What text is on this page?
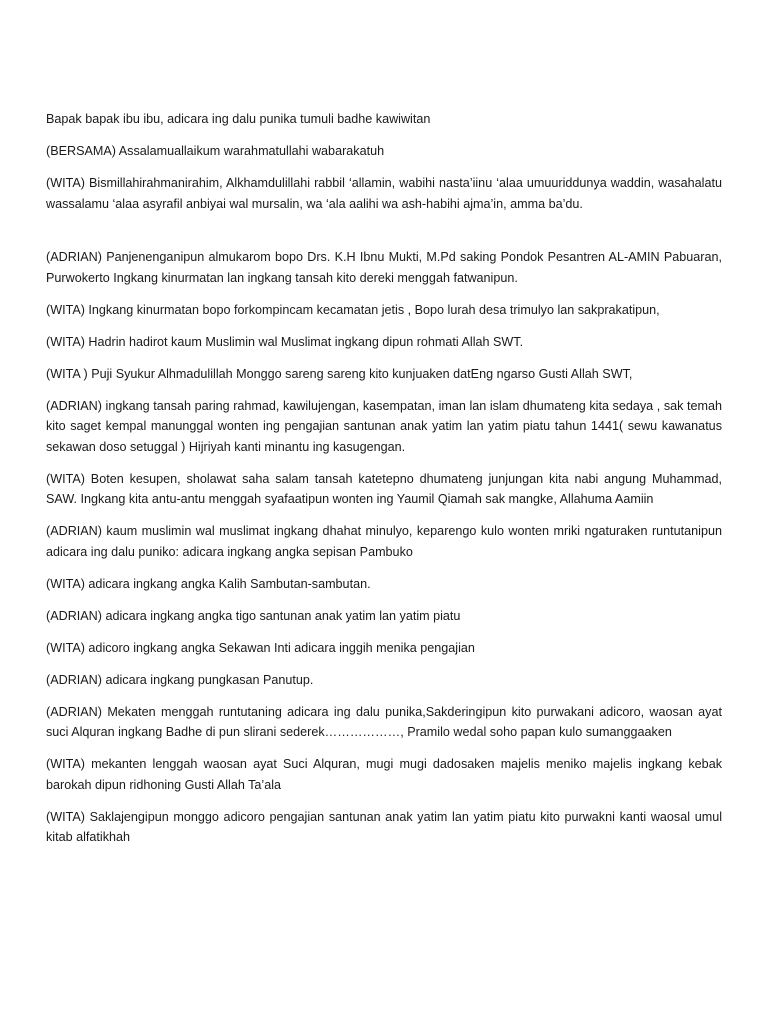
Bapak bapak ibu ibu, adicara ing dalu punika tumuli badhe kawiwitan

(BERSAMA) Assalamuallaikum warahmatullahi wabarakatuh

(WITA) Bismillahirahmanirahim, Alkhamdulillahi rabbil ‘allamin, wabihi nasta’iinu ‘alaa umuuriddunya waddin, wasahalatu wassalamu ‘alaa asyrafil anbiyai wal mursalin, wa ‘ala aalihi wa ash-habihi ajma’in, amma ba’du.

(ADRIAN) Panjenenganipun almukarom bopo Drs. K.H Ibnu Mukti, M.Pd saking Pondok Pesantren AL-AMIN Pabuaran, Purwokerto Ingkang kinurmatan lan ingkang tansah kito dereki menggah fatwanipun.

(WITA) Ingkang kinurmatan bopo forkompincam kecamatan jetis , Bopo lurah desa trimulyo lan sakprakatipun,

(WITA) Hadrin hadirot kaum Muslimin wal Muslimat ingkang dipun rohmati Allah SWT.

(WITA ) Puji Syukur Alhmadulillah Monggo sareng sareng kito kunjuaken datEng ngarso Gusti Allah SWT,

(ADRIAN) ingkang tansah paring rahmad, kawilujengan, kasempatan, iman lan islam dhumateng kita sedaya , sak temah kito saget kempal manunggal wonten ing pengajian santunan anak yatim lan yatim piatu tahun 1441( sewu kawanatus sekawan doso setuggal ) Hijriyah kanti minantu ing kasugengan.

(WITA) Boten kesupen, sholawat saha salam tansah katetepno dhumateng junjungan kita nabi angung Muhammad, SAW. Ingkang kita antu-antu menggah syafaatipun wonten ing Yaumil Qiamah sak mangke, Allahuma Aamiin

(ADRIAN) kaum muslimin wal muslimat ingkang dhahat minulyo, keparengo kulo wonten mriki ngaturaken runtutanipun adicara ing dalu puniko: adicara ingkang angka sepisan Pambuko

(WITA) adicara ingkang angka Kalih Sambutan-sambutan.

(ADRIAN) adicara ingkang angka tigo santunan anak yatim lan yatim piatu

(WITA) adicoro ingkang angka Sekawan Inti adicara inggih menika pengajian

(ADRIAN) adicara ingkang pungkasan Panutup.

(ADRIAN) Mekaten menggah runtutaning adicara ing dalu punika,Sakderingipun kito purwakani adicoro, waosan ayat suci Alquran ingkang Badhe di pun slirani sederek………………, Pramilo wedal soho papan kulo sumanggaaken

(WITA) mekanten lenggah waosan ayat Suci Alquran, mugi mugi dadosaken majelis meniko majelis ingkang kebak barokah dipun ridhoning Gusti Allah Ta’ala

(WITA) Saklajengipun monggo adicoro pengajian santunan anak yatim lan yatim piatu kito purwakni kanti waosal umul kitab alfatikhah
